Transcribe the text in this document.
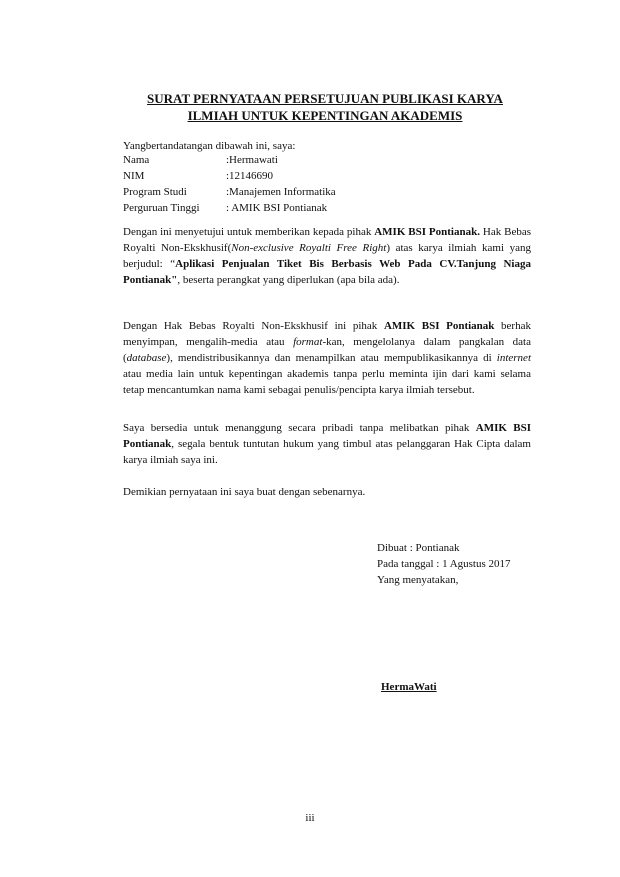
SURAT PERNYATAAN PERSETUJUAN PUBLIKASI KARYA
ILMIAH UNTUK KEPENTINGAN AKADEMIS
Yangbertandatangan dibawah ini, saya:
Nama	:Hermawati
NIM	:12146690
Program Studi	:Manajemen Informatika
Perguruan Tinggi	: AMIK BSI Pontianak

Dengan ini menyetujui untuk memberikan kepada pihak AMIK BSI Pontianak. Hak Bebas Royalti Non-Ekskhusif(Non-exclusive Royalti Free Right) atas karya ilmiah kami yang berjudul: “Aplikasi Penjualan Tiket Bis Berbasis Web Pada CV.Tanjung Niaga Pontianak", beserta perangkat yang diperlukan (apa bila ada).

Dengan Hak Bebas Royalti Non-Ekskhusif ini pihak AMIK BSI Pontianak berhak menyimpan, mengalih-media atau format-kan, mengelolanya dalam pangkalan data (database), mendistribusikannya dan menampilkan atau mempublikasikannya di internet atau media lain untuk kepentingan akademis tanpa perlu meminta ijin dari kami selama tetap mencantumkan nama kami sebagai penulis/pencipta karya ilmiah tersebut.

Saya bersedia untuk menanggung secara pribadi tanpa melibatkan pihak AMIK BSI Pontianak, segala bentuk tuntutan hukum yang timbul atas pelanggaran Hak Cipta dalam karya ilmiah saya ini.

Demikian pernyataan ini saya buat dengan sebenarnya.

Dibuat : Pontianak
Pada tanggal : 1 Agustus 2017
Yang menyatakan,
HermaWati
iii
